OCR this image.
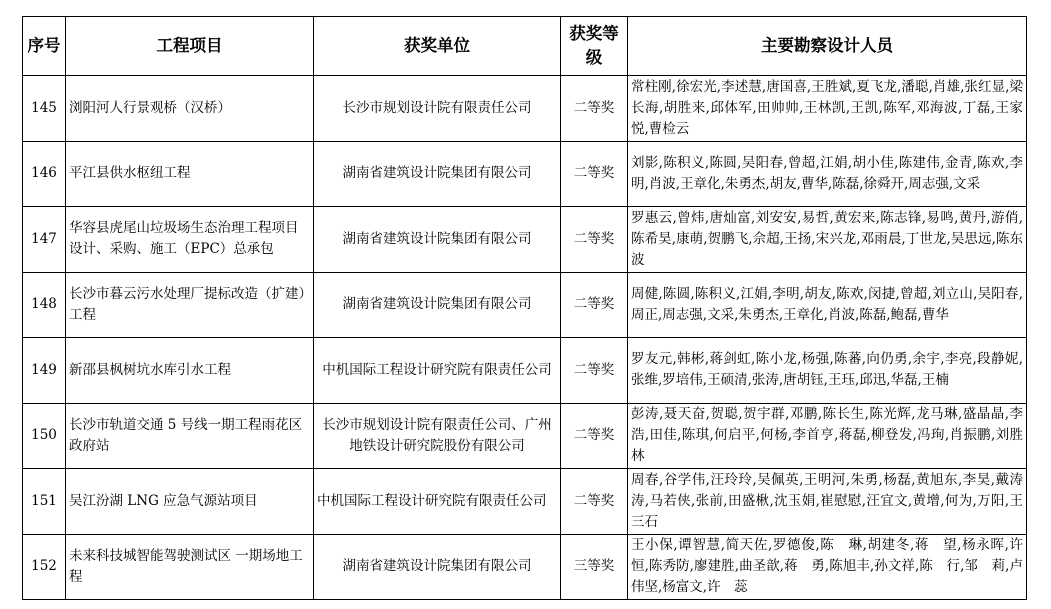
序号	工程项目	获奖单位	获奖等级	主要勘察设计人员
145	浏阳河人行景观桥（汉桥）	长沙市规划设计院有限责任公司	二等奖	常柱刚,徐宏光,李述慧,唐国喜,王胜斌,夏飞龙,潘聪,肖雄,张红显,梁长海,胡胜来,邱体军,田帅帅,王林凯,王凯,陈军,邓海波,丁磊,王家悦,曹检云
146	平江县供水枢纽工程	湖南省建筑设计院集团有限公司	二等奖	刘影,陈积义,陈圆,吴阳春,曾超,江娟,胡小佳,陈建伟,金青,陈欢,李明,肖波,王章化,朱勇杰,胡友,曹华,陈磊,徐舜开,周志强,文采
147	华容县虎尾山垃圾场生态治理工程项目设计、采购、施工（EPC）总承包	湖南省建筑设计院集团有限公司	二等奖	罗惠云,曾炜,唐灿富,刘安安,易哲,黄宏来,陈志锋,易鸣,黄丹,游俏,陈希昊,康萌,贺鹏飞,佘超,王扬,宋兴龙,邓雨晨,丁世龙,吴思远,陈东波
148	长沙市暮云污水处理厂提标改造（扩建）工程	湖南省建筑设计院集团有限公司	二等奖	周健,陈圆,陈积义,江娟,李明,胡友,陈欢,闵捷,曾超,刘立山,吴阳春,周正,周志强,文采,朱勇杰,王章化,肖波,陈磊,鲍磊,曹华
149	新邵县枫树坑水库引水工程	中机国际工程设计研究院有限责任公司	二等奖	罗友元,韩彬,蒋剑虹,陈小龙,杨强,陈蕃,向仍勇,余宇,李亮,段静妮,张维,罗培伟,王硕清,张涛,唐胡钰,王珏,邱迅,华磊,王楠
150	长沙市轨道交通 5 号线一期工程雨花区政府站	长沙市规划设计院有限责任公司、广州地铁设计研究院股份有限公司	二等奖	彭涛,聂天奋,贺聪,贺宇群,邓鹏,陈长生,陈光辉,龙马琳,盛晶晶,李浩,田佳,陈琪,何启平,何杨,李首亨,蒋磊,柳登发,冯珣,肖振鹏,刘胜林
151	吴江汾湖 LNG 应急气源站项目	中机国际工程设计研究院有限责任公司	二等奖	周春,谷学伟,汪玲玲,吴佩英,王明河,朱勇,杨磊,黄旭东,李昊,戴涛涛,马若侠,张前,田盛楸,沈玉娟,崔慰慰,汪宜文,黄增,何为,万阳,王三石
152	未来科技城智能驾驶测试区 一期场地工程	湖南省建筑设计院集团有限公司	三等奖	王小保,谭智慧,简天佐,罗德俊,陈　琳,胡建冬,蒋　望,杨永晖,许　恒,陈秀防,廖建胜,曲圣歆,蒋　勇,陈旭丰,孙文祥,陈　行,邹　莉,卢伟坚,杨富文,许　蕊
